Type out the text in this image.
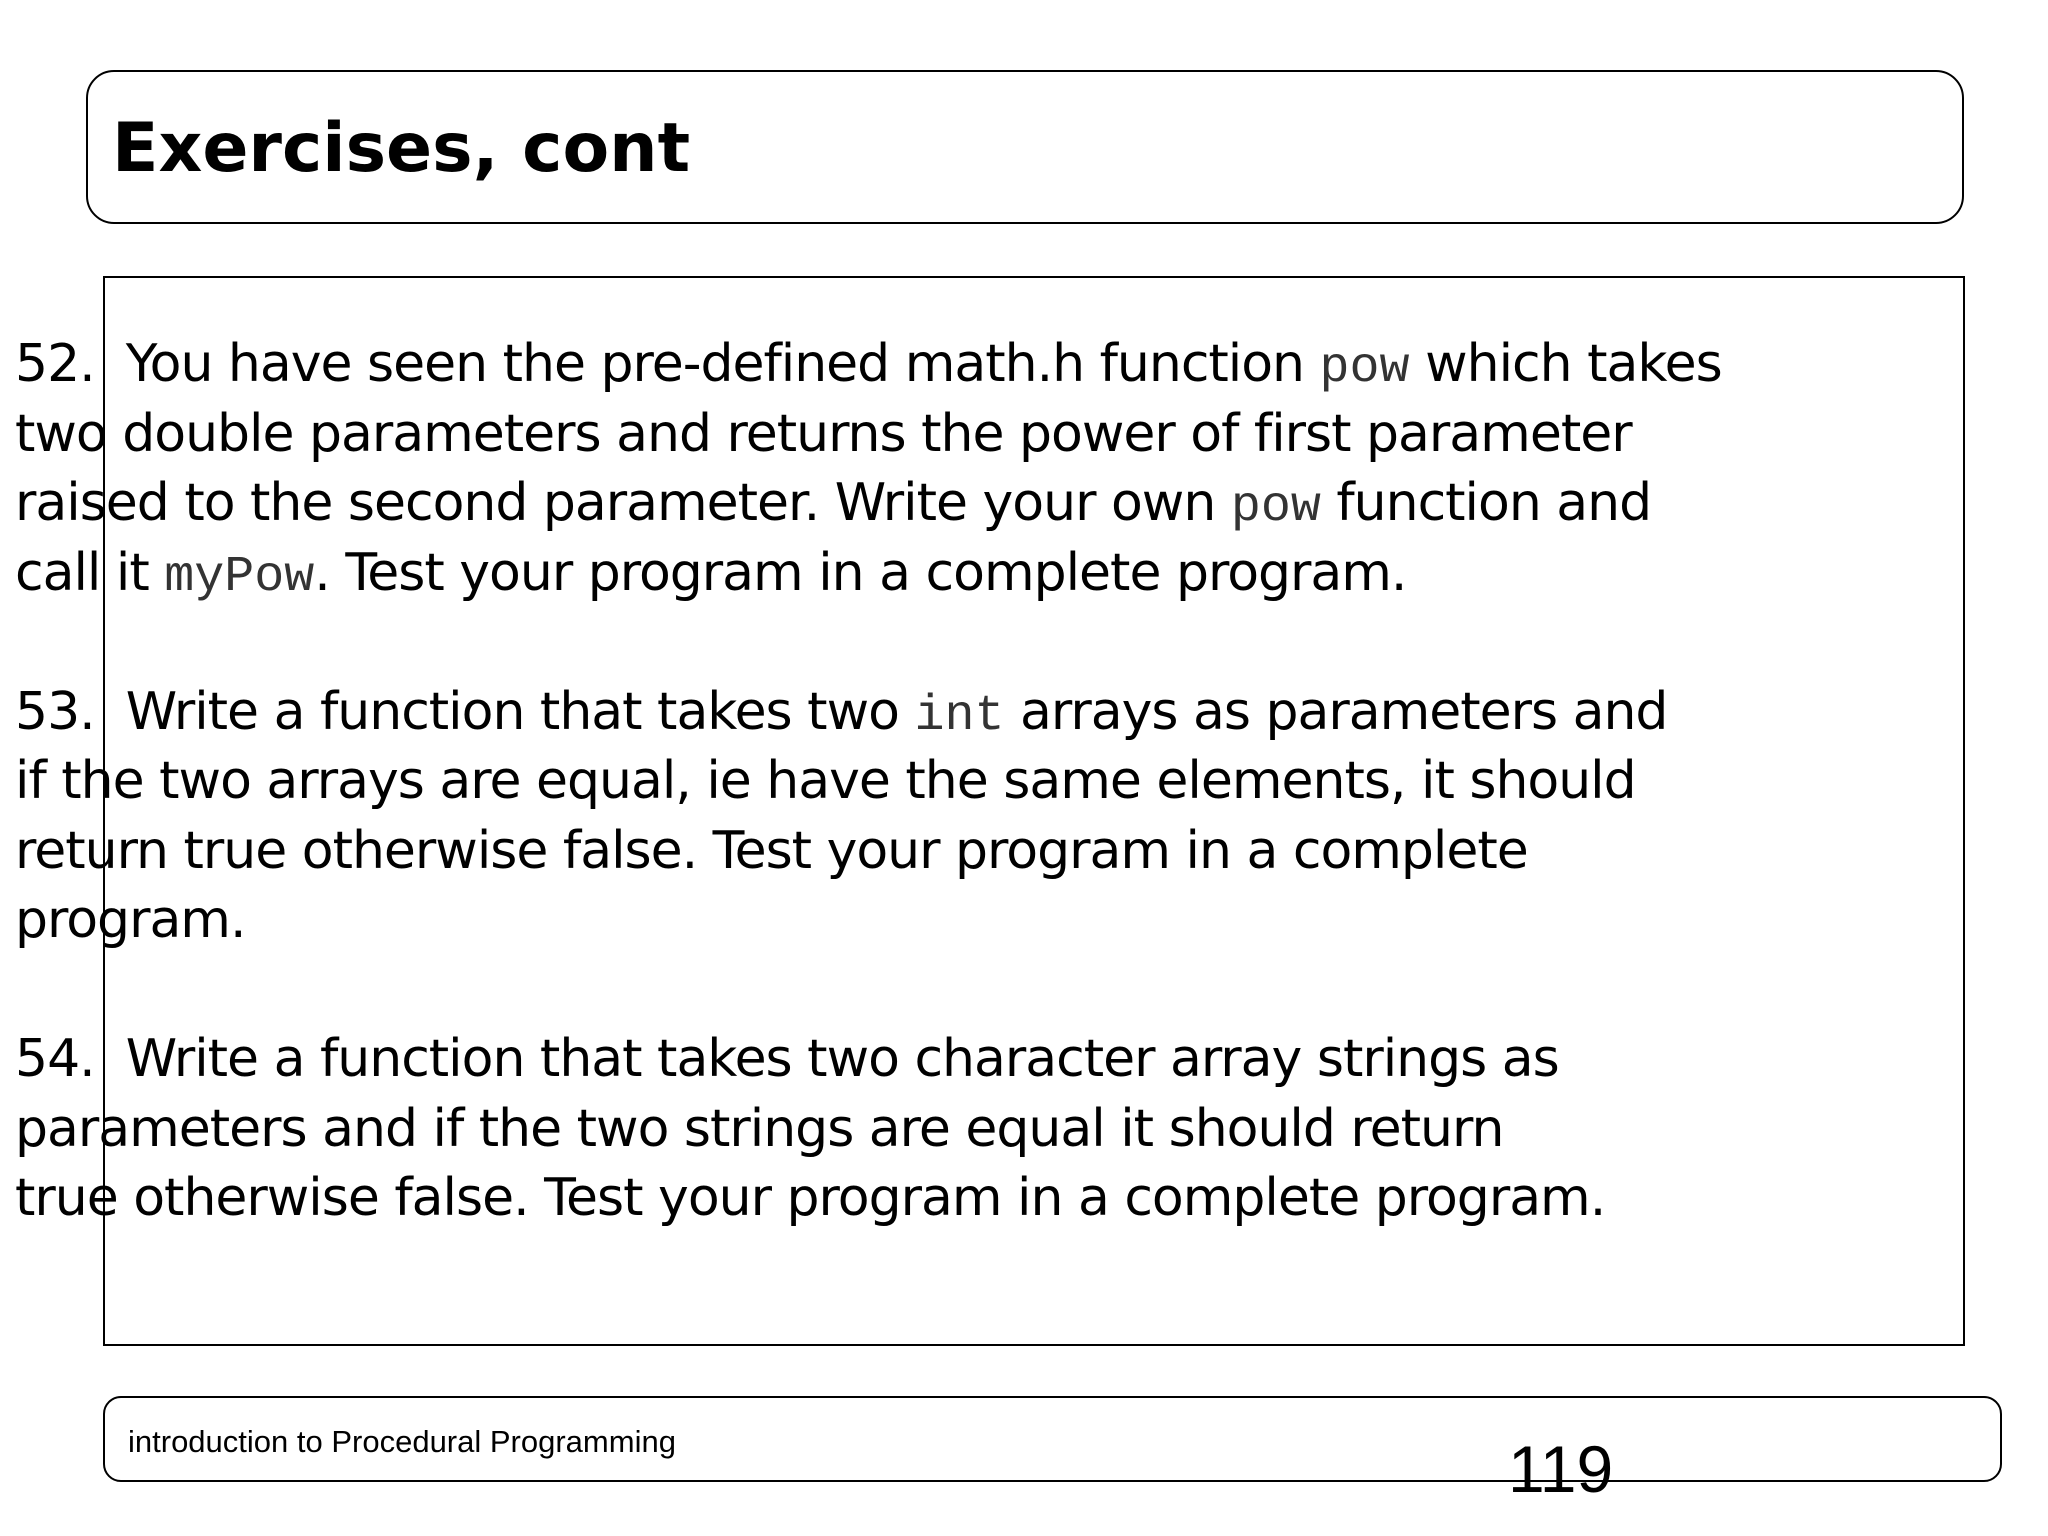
Exercises, cont
52. You have seen the pre-defined math.h function pow which takes
two double parameters and returns the power of first parameter
raised to the second parameter. Write your own pow function and
call it myPow. Test your program in a complete program.
53. Write a function that takes two int arrays as parameters and
if the two arrays are equal, ie have the same elements, it should
return true otherwise false. Test your program in a complete
program.
54. Write a function that takes two character array strings as
parameters and if the two strings are equal it should return
true otherwise false. Test your program in a complete program.
introduction to Procedural Programming	119
